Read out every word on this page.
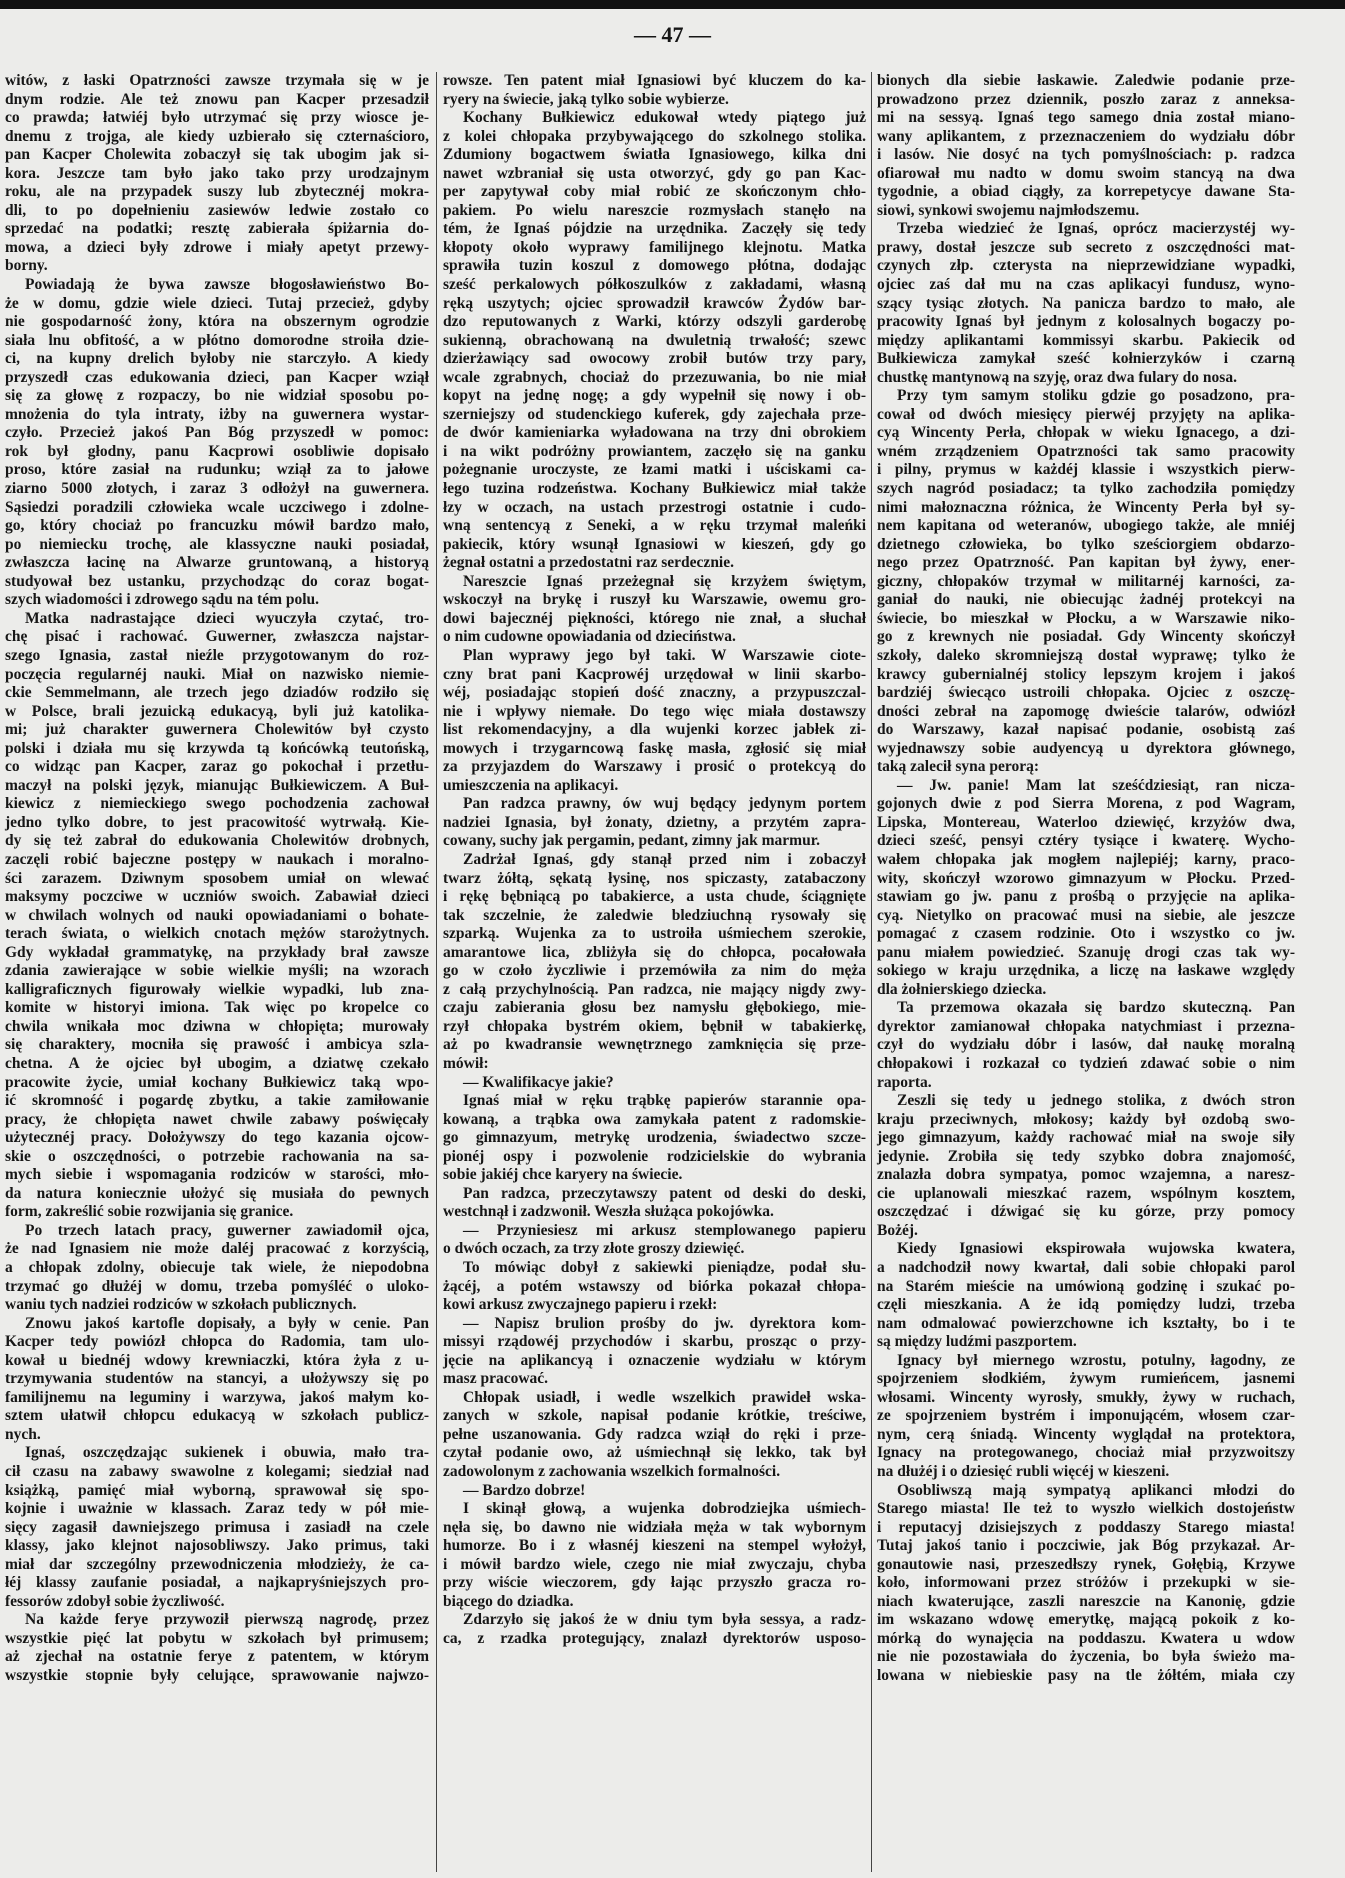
— 47 —
witów, z łaski Opatrzności zawsze trzymała się w je
dnym rodzie. Ale też znowu pan Kacper przesadził
co prawda; łatwiéj było utrzymać się przy wiosce je-
dnemu z trojga, ale kiedy uzbierało się czternaścioro,
pan Kacper Cholewita zobaczył się tak ubogim jak si-
kora. Jeszcze tam było jako tako przy urodzajnym
roku, ale na przypadek suszy lub zbytecznéj mokra-
dli, to po dopełnieniu zasiewów ledwie zostało co
sprzedać na podatki; resztę zabierała śpiżarnia do-
mowa, a dzieci były zdrowe i miały apetyt przewy-
borny.
Powiadają że bywa zawsze błogosławieństwo Bo-
że w domu, gdzie wiele dzieci. Tutaj przecież, gdyby
nie gospodarność żony, która na obszernym ogrodzie
siała lnu obfitość, a w płótno domorodne stroiła dzie-
ci, na kupny drelich byłoby nie starczyło. A kiedy
przyszedł czas edukowania dzieci, pan Kacper wziął
się za głowę z rozpaczy, bo nie widział sposobu po-
mnożenia do tyla intraty, iżby na guwernera wystar-
czyło. Przecież jakoś Pan Bóg przyszedł w pomoc:
rok był głodny, panu Kacprowi osobliwie dopisało
proso, które zasiał na rudunku; wziął za to jałowe
ziarno 5000 złotych, i zaraz 3 odłożył na guwernera.
Sąsiedzi poradzili człowieka wcale uczciwego i zdolne-
go, który chociaż po francuzku mówił bardzo mało,
po niemiecku trochę, ale klassyczne nauki posiadał,
zwłaszcza łacinę na Alwarze gruntowaną, a historyą
studyował bez ustanku, przychodząc do coraz bogat-
szych wiadomości i zdrowego sądu na tém polu.
Matka nadrastające dzieci wyuczyła czytać, tro-
chę pisać i rachować. Guwerner, zwłaszcza najstar-
szego Ignasia, zastał nieźle przygotowanym do roz-
poczęcia regularnéj nauki. Miał on nazwisko niemie-
ckie Semmelmann, ale trzech jego dziadów rodziło się
w Polsce, brali jezuicką edukacyą, byli już katolika-
mi; już charakter guwernera Cholewitów był czysto
polski i działa mu się krzywda tą końcówką teutońską,
co widząc pan Kacper, zaraz go pokochał i przetłu-
maczył na polski język, mianując Bułkiewiczem. A Buł-
kiewicz z niemieckiego swego pochodzenia zachował
jedno tylko dobre, to jest pracowitość wytrwałą. Kie-
dy się też zabrał do edukowania Cholewitów drobnych,
zaczęli robić bajeczne postępy w naukach i moralno-
ści zarazem. Dziwnym sposobem umiał on wlewać
maksymy poczciwe w uczniów swoich. Zabawiał dzieci
w chwilach wolnych od nauki opowiadaniami o bohate-
terach świata, o wielkich cnotach mężów starożytnych.
Gdy wykładał grammatykę, na przykłady brał zawsze
zdania zawierające w sobie wielkie myśli; na wzorach
kalligraficznych figurowały wielkie wypadki, lub zna-
komite w historyi imiona. Tak więc po kropelce co
chwila wnikała moc dziwna w chłopięta; murowały
się charaktery, mocniła się prawość i ambicya szla-
chetna. A że ojciec był ubogim, a dziatwę czekało
pracowite życie, umiał kochany Bułkiewicz taką wpo-
ić skromność i pogardę zbytku, a takie zamiłowanie
pracy, że chłopięta nawet chwile zabawy poświęcały
użytecznéj pracy. Dołożywszy do tego kazania ojcow-
skie o oszczędności, o potrzebie rachowania na sa-
mych siebie i wspomagania rodziców w starości, mło-
da natura koniecznie ułożyć się musiała do pewnych
form, zakreślić sobie rozwijania się granice.
Po trzech latach pracy, guwerner zawiadomił ojca,
że nad Ignasiem nie może daléj pracować z korzyścią,
a chłopak zdolny, obiecuje tak wiele, że niepodobna
trzymać go dłużéj w domu, trzeba pomyśléć o uloko-
waniu tych nadziei rodziców w szkołach publicznych.
Znowu jakoś kartofle dopisały, a były w cenie. Pan
Kacper tedy powiózł chłopca do Radomia, tam ulo-
kował u biednéj wdowy krewniaczki, która żyła z u-
trzymywania studentów na stancyi, a ułożywszy się po
familijnemu na leguminy i warzywa, jakoś małym ko-
sztem ułatwił chłopcu edukacyą w szkołach publicz-
nych.
Ignaś, oszczędzając sukienek i obuwia, mało tra-
cił czasu na zabawy swawolne z kolegami; siedział nad
książką, pamięć miał wyborną, sprawował się spo-
kojnie i uważnie w klassach. Zaraz tedy w pół mie-
sięcy zagasił dawniejszego primusa i zasiadł na czele
klassy, jako klejnot najosobliwszy. Jako primus, taki
miał dar szczególny przewodniczenia młodzieży, że ca-
łéj klassy zaufanie posiadał, a najkapryśniejszych pro-
fessorów zdobył sobie życzliwość.
Na każde ferye przywoził pierwszą nagrodę, przez
wszystkie pięć lat pobytu w szkołach był primusem;
aż zjechał na ostatnie ferye z patentem, w którym
wszystkie stopnie były celujące, sprawowanie najwzo-
rowsze. Ten patent miał Ignasiowi być kluczem do ka-
ryery na świecie, jaką tylko sobie wybierze.
Kochany Bułkiewicz edukował wtedy piątego już
z kolei chłopaka przybywającego do szkolnego stolika.
Zdumiony bogactwem światła Ignasiowego, kilka dni
nawet wzbraniał się usta otworzyć, gdy go pan Kac-
per zapytywał coby miał robić ze skończonym chło-
pakiem. Po wielu nareszcie rozmysłach stanęło na
tém, że Ignaś pójdzie na urzędnika. Zaczęły się tedy
kłopoty około wyprawy familijnego klejnotu. Matka
sprawiła tuzin koszul z domowego płótna, dodając
sześć perkalowych półkoszulków z zakładami, własną
ręką uszytych; ojciec sprowadził krawców Żydów bar-
dzo reputowanych z Warki, którzy odszyli garderobę
sukienną, obrachowaną na dwuletnią trwałość; szewc
dzierżawiący sad owocowy zrobił butów trzy pary,
wcale zgrabnych, chociaż do przezuwania, bo nie miał
kopyt na jednę nogę; a gdy wypełnił się nowy i ob-
szerniejszy od studenckiego kuferek, gdy zajechała prze-
de dwór kamieniarka wyładowana na trzy dni obrokiem
i na wikt podróżny prowiantem, zaczęło się na ganku
pożegnanie uroczyste, ze łzami matki i uściskami ca-
łego tuzina rodzeństwa. Kochany Bułkiewicz miał także
łzy w oczach, na ustach przestrogi ostatnie i cudo-
wną sentencyą z Seneki, a w ręku trzymał maleńki
pakiecik, który wsunął Ignasiowi w kieszeń, gdy go
żegnał ostatni a przedostatni raz serdecznie.
Nareszcie Ignaś przeżegnał się krzyżem świętym,
wskoczył na brykę i ruszył ku Warszawie, owemu gro-
dowi bajecznéj piękności, którego nie znał, a słuchał
o nim cudowne opowiadania od dzieciństwa.
Plan wyprawy jego był taki. W Warszawie ciote-
czny brat pani Kacprowéj urzędował w linii skarbo-
wéj, posiadając stopień dość znaczny, a przypuszczal-
nie i wpływy niemałe. Do tego więc miała dostawszy
list rekomendacyjny, a dla wujenki korzec jabłek zi-
mowych i trzygarncową faskę masła, zgłosić się miał
za przyjazdem do Warszawy i prosić o protekcyą do
umieszczenia na aplikacyi.
Pan radzca prawny, ów wuj będący jedynym portem
nadziei Ignasia, był żonaty, dzietny, a przytém zapra-
cowany, suchy jak pergamin, pedant, zimny jak marmur.
Zadrżał Ignaś, gdy stanął przed nim i zobaczył
twarz żółtą, sękatą łysinę, nos spiczasty, zatabaczony
i rękę bębniącą po tabakierce, a usta chude, ściągnięte
tak szczelnie, że zaledwie bledziuchną rysowały się
szparką. Wujenka za to ustroiła uśmiechem szerokie,
amarantowe lica, zbliżyła się do chłopca, pocałowała
go w czoło życzliwie i przemówiła za nim do męża
z całą przychylnością. Pan radzca, nie mający nigdy zwy-
czaju zabierania głosu bez namysłu głębokiego, mie-
rzył chłopaka bystrém okiem, bębnił w tabakierkę,
aż po kwadransie wewnętrznego zamknięcia się prze-
mówił:
— Kwalifikacye jakie?
Ignaś miał w ręku trąbkę papierów starannie opa-
kowaną, a trąbka owa zamykała patent z radomskie-
go gimnazyum, metrykę urodzenia, świadectwo szcze-
pionéj ospy i pozwolenie rodzicielskie do wybrania
sobie jakiéj chce karyery na świecie.
Pan radzca, przeczytawszy patent od deski do deski,
westchnął i zadzwonił. Weszła służąca pokojówka.
— Przyniesiesz mi arkusz stemplowanego papieru
o dwóch oczach, za trzy złote groszy dziewięć.
To mówiąc dobył z sakiewki pieniądze, podał słu-
żącéj, a potém wstawszy od biórka pokazał chłopa-
kowi arkusz zwyczajnego papieru i rzekł:
— Napisz brulion prośby do jw. dyrektora kom-
missyi rządowéj przychodów i skarbu, prosząc o przy-
jęcie na aplikancyą i oznaczenie wydziału w którym
masz pracować.
Chłopak usiadł, i wedle wszelkich prawideł wska-
zanych w szkole, napisał podanie krótkie, treściwe,
pełne uszanowania. Gdy radzca wziął do ręki i prze-
czytał podanie owo, aż uśmiechnął się lekko, tak był
zadowolonym z zachowania wszelkich formalności.
— Bardzo dobrze!
I skinął głową, a wujenka dobrodziejka uśmiech-
nęła się, bo dawno nie widziała męża w tak wybornym
humorze. Bo i z własnéj kieszeni na stempel wyłożył,
i mówił bardzo wiele, czego nie miał zwyczaju, chyba
przy wiście wieczorem, gdy łając przyszło gracza ro-
biącego do dziadka.
Zdarzyło się jakoś że w dniu tym była sessya, a radz-
ca, z rzadka protegujący, znalazł dyrektorów usposo-
bionych dla siebie łaskawie. Zaledwie podanie prze-
prowadzono przez dziennik, poszło zaraz z anneksa-
mi na sessyą. Ignaś tego samego dnia został miano-
wany aplikantem, z przeznaczeniem do wydziału dóbr
i lasów. Nie dosyć na tych pomyślnościach: p. radzca
ofiarował mu nadto w domu swoim stancyą na dwa
tygodnie, a obiad ciągły, za korrepetycye dawane Sta-
siowi, synkowi swojemu najmłodszemu.
Trzeba wiedzieć że Ignaś, oprócz macierzystéj wy-
prawy, dostał jeszcze sub secreto z oszczędności mat-
czynych złp. czterysta na nieprzewidziane wypadki,
ojciec zaś dał mu na czas aplikacyi fundusz, wyno-
szący tysiąc złotych. Na panicza bardzo to mało, ale
pracowity Ignaś był jednym z kolosalnych bogaczy po-
między aplikantami kommissyi skarbu. Pakiecik od
Bułkiewicza zamykał sześć kołnierzyków i czarną
chustkę mantynową na szyję, oraz dwa fulary do nosa.
Przy tym samym stoliku gdzie go posadzono, pra-
cował od dwóch miesięcy pierwéj przyjęty na aplika-
cyą Wincenty Perła, chłopak w wieku Ignacego, a dzi-
wném zrządzeniem Opatrzności tak samo pracowity
i pilny, prymus w każdéj klassie i wszystkich pierw-
szych nagród posiadacz; ta tylko zachodziła pomiędzy
nimi małoznaczna różnica, że Wincenty Perła był sy-
nem kapitana od weteranów, ubogiego także, ale mniéj
dzietnego człowieka, bo tylko sześciorgiem obdarzo-
nego przez Opatrzność. Pan kapitan był żywy, ener-
giczny, chłopaków trzymał w militarnéj karności, za-
ganiał do nauki, nie obiecując żadnéj protekcyi na
świecie, bo mieszkał w Płocku, a w Warszawie niko-
go z krewnych nie posiadał. Gdy Wincenty skończył
szkoły, daleko skromniejszą dostał wyprawę; tylko że
krawcy gubernialnéj stolicy lepszym krojem i jakoś
bardziéj świecąco ustroili chłopaka. Ojciec z oszczę-
dności zebrał na zapomogę dwieście talarów, odwiózł
do Warszawy, kazał napisać podanie, osobistą zaś
wyjednawszy sobie audyencyą u dyrektora głównego,
taką zalecił syna perorą:
— Jw. panie! Mam lat sześćdziesiąt, ran nicza-
gojonych dwie z pod Sierra Morena, z pod Wagram,
Lipska, Montereau, Waterloo dziewięć, krzyżów dwa,
dzieci sześć, pensyi cztéry tysiące i kwaterę. Wycho-
wałem chłopaka jak mogłem najlepiéj; karny, praco-
wity, skończył wzorowo gimnazyum w Płocku. Przed-
stawiam go jw. panu z prośbą o przyjęcie na aplika-
cyą. Nietylko on pracować musi na siebie, ale jeszcze
pomagać z czasem rodzinie. Oto i wszystko co jw.
panu miałem powiedzieć. Szanuję drogi czas tak wy-
sokiego w kraju urzędnika, a liczę na łaskawe względy
dla żołnierskiego dziecka.
Ta przemowa okazała się bardzo skuteczną. Pan
dyrektor zamianował chłopaka natychmiast i przezna-
czył do wydziału dóbr i lasów, dał naukę moralną
chłopakowi i rozkazał co tydzień zdawać sobie o nim
raporta.
Zeszli się tedy u jednego stolika, z dwóch stron
kraju przeciwnych, młokosy; każdy był ozdobą swo-
jego gimnazyum, każdy rachować miał na swoje siły
jedynie. Zrobiła się tedy szybko dobra znajomość,
znalazła dobra sympatya, pomoc wzajemna, a naresz-
cie uplanowali mieszkać razem, wspólnym kosztem,
oszczędzać i dźwigać się ku górze, przy pomocy
Bożéj.
Kiedy Ignasiowi ekspirowała wujowska kwatera,
a nadchodził nowy kwartał, dali sobie chłopaki parol
na Starém mieście na umówioną godzinę i szukać po-
częli mieszkania. A że idą pomiędzy ludzi, trzeba
nam odmalować powierzchowne ich kształty, bo i te
są między ludźmi paszportem.
Ignacy był miernego wzrostu, potulny, łagodny, ze
spojrzeniem słodkiém, żywym rumieńcem, jasnemi
włosami. Wincenty wyrosły, smukły, żywy w ruchach,
ze spojrzeniem bystrém i imponującém, włosem czar-
nym, cerą śniadą. Wincenty wyglądał na protektora,
Ignacy na protegowanego, chociaż miał przyzwoitszy
na dłużéj i o dziesięć rubli więcéj w kieszeni.
Osobliwszą mają sympatyą aplikanci młodzi do
Starego miasta! Ile też to wyszło wielkich dostojeństw
i reputacyj dzisiejszych z poddaszy Starego miasta!
Tutaj jakoś tanio i poczciwie, jak Bóg przykazał. Ar-
gonautowie nasi, przeszedłszy rynek, Gołębią, Krzywe
koło, informowani przez stróżów i przekupki w sie-
niach kwaterujące, zaszli nareszcie na Kanonię, gdzie
im wskazano wdowę emerytkę, mającą pokoik z ko-
mórką do wynajęcia na poddaszu. Kwatera u wdow
nie nie pozostawiała do życzenia, bo była świeżo ma-
lowana w niebieskie pasy na tle żółtém, miała czy
